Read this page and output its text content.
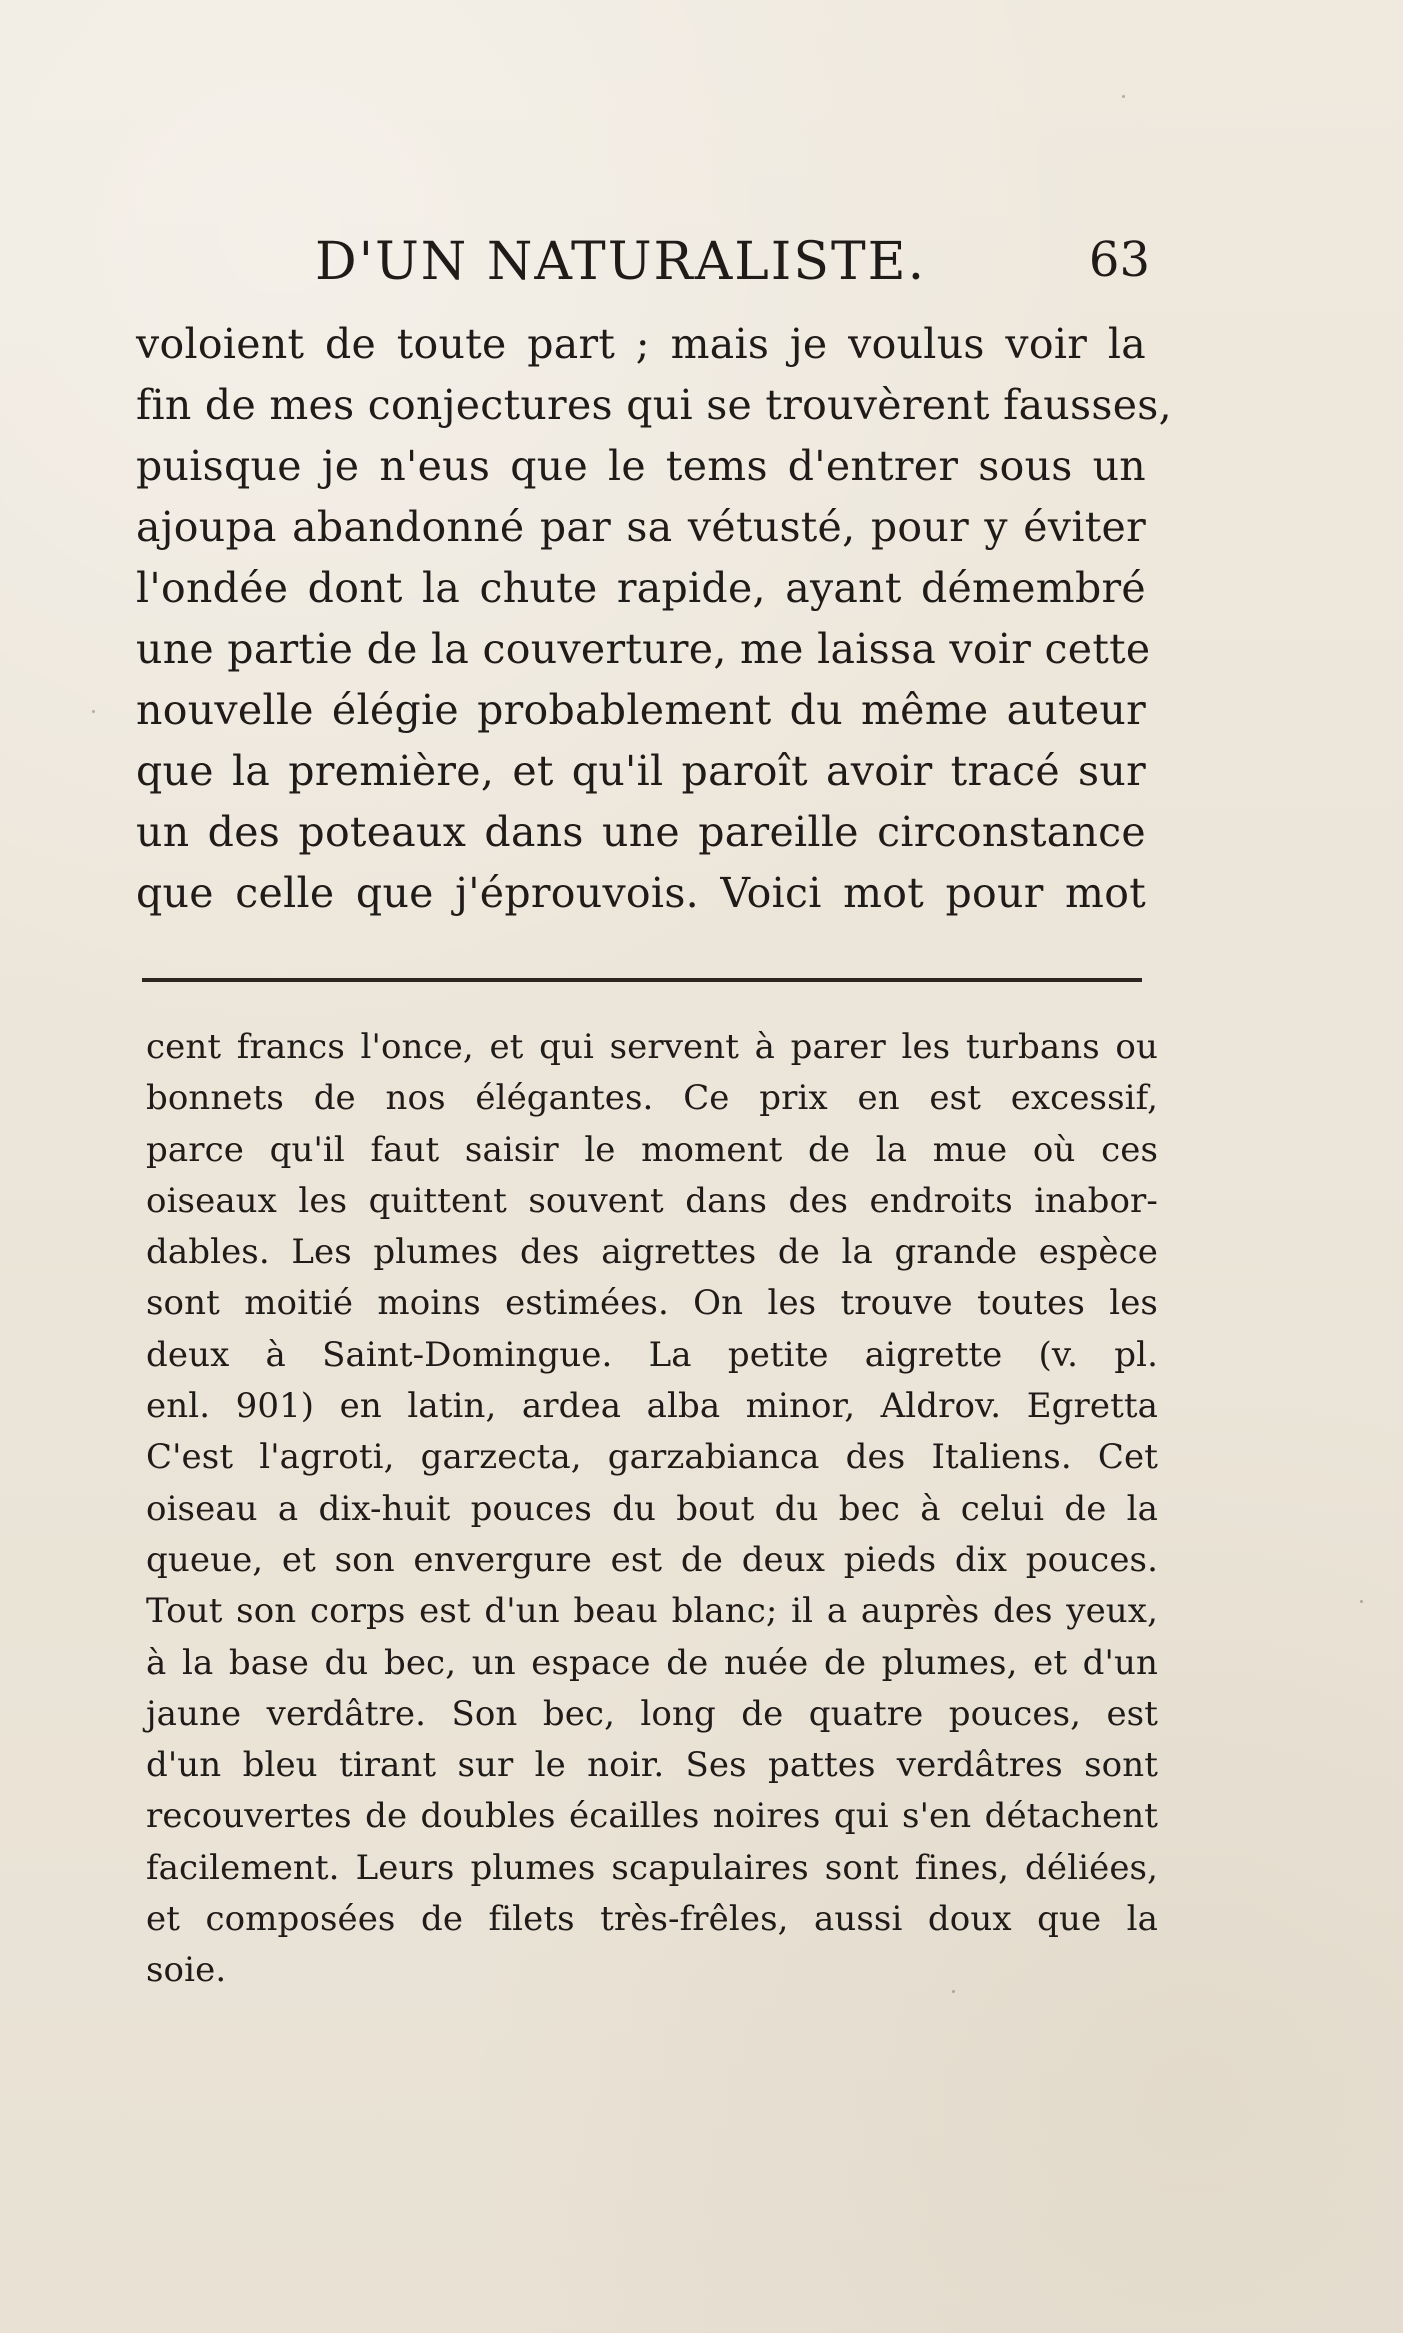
D'UN NATURALISTE.	63
voloient de toute part ; mais je voulus voir la
fin de mes conjectures qui se trouvèrent fausses,
puisque je n'eus que le tems d'entrer sous un
ajoupa abandonné par sa vétusté, pour y éviter
l'ondée dont la chute rapide, ayant démembré
une partie de la couverture, me laissa voir cette
nouvelle élégie probablement du même auteur
que la première, et qu'il paroît avoir tracé sur
un des poteaux dans une pareille circonstance
que celle que j'éprouvois. Voici mot pour mot
cent francs l'once, et qui servent à parer les turbans ou
bonnets de nos élégantes. Ce prix en est excessif,
parce qu'il faut saisir le moment de la mue où ces
oiseaux les quittent souvent dans des endroits inabor-
dables. Les plumes des aigrettes de la grande espèce
sont moitié moins estimées. On les trouve toutes les
deux à Saint-Domingue. La petite aigrette (v. pl.
enl. 901) en latin, ardea alba minor, Aldrov. Egretta
C'est l'agroti, garzecta, garzabianca des Italiens. Cet
oiseau a dix-huit pouces du bout du bec à celui de la
queue, et son envergure est de deux pieds dix pouces.
Tout son corps est d'un beau blanc; il a auprès des yeux,
à la base du bec, un espace de nuée de plumes, et d'un
jaune verdâtre. Son bec, long de quatre pouces, est
d'un bleu tirant sur le noir. Ses pattes verdâtres sont
recouvertes de doubles écailles noires qui s'en détachent
facilement. Leurs plumes scapulaires sont fines, déliées,
et composées de filets très-frêles, aussi doux que la
soie.
